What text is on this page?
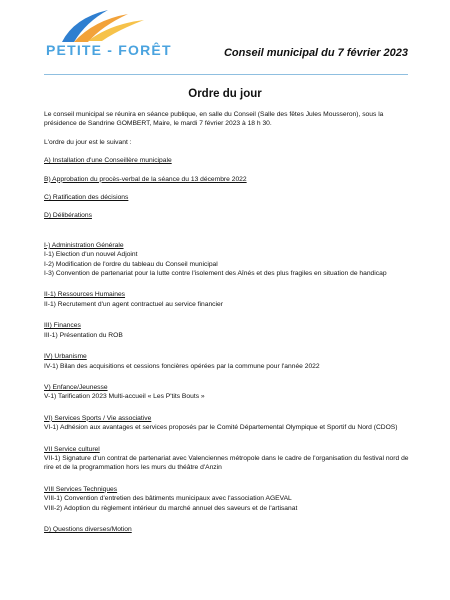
PETITE - FORÊT	Conseil municipal du 7 février 2023
Ordre du jour

Le conseil municipal se réunira en séance publique, en salle du Conseil (Salle des fêtes Jules Mousseron), sous la présidence de Sandrine GOMBERT, Maire, le mardi 7 février 2023 à 18 h 30.

L'ordre du jour est le suivant :

A) Installation d'une Conseillère municipale

B) Approbation du procès-verbal de la séance du 13 décembre 2022

C) Ratification des décisions

D) Délibérations

I-) Administration Générale

I-1) Election d'un nouvel Adjoint

I-2) Modification de l'ordre du tableau du Conseil municipal

I-3) Convention de partenariat pour la lutte contre l'isolement des Aînés et des plus fragiles en situation de handicap

II-1) Ressources Humaines

II-1) Recrutement d'un agent contractuel au service financier

III) Finances

III-1) Présentation du ROB

IV) Urbanisme

IV-1) Bilan des acquisitions et cessions foncières opérées par la commune pour l'année 2022

V) Enfance/Jeunesse

V-1) Tarification 2023 Multi-accueil « Les P'tits Bouts »

VI) Services Sports / Vie associative

VI-1) Adhésion aux avantages et services proposés par le Comité Départemental Olympique et Sportif du Nord (CDOS)

VII Service culturel

VII-1) Signature d'un contrat de partenariat avec Valenciennes métropole dans le cadre de l'organisation du festival nord de rire et de la programmation hors les murs du théâtre d'Anzin

VIII Services Techniques

VIII-1) Convention d'entretien des bâtiments municipaux avec l'association AGEVAL

VIII-2) Adoption du règlement intérieur du marché annuel des saveurs et de l'artisanat

D) Questions diverses/Motion
